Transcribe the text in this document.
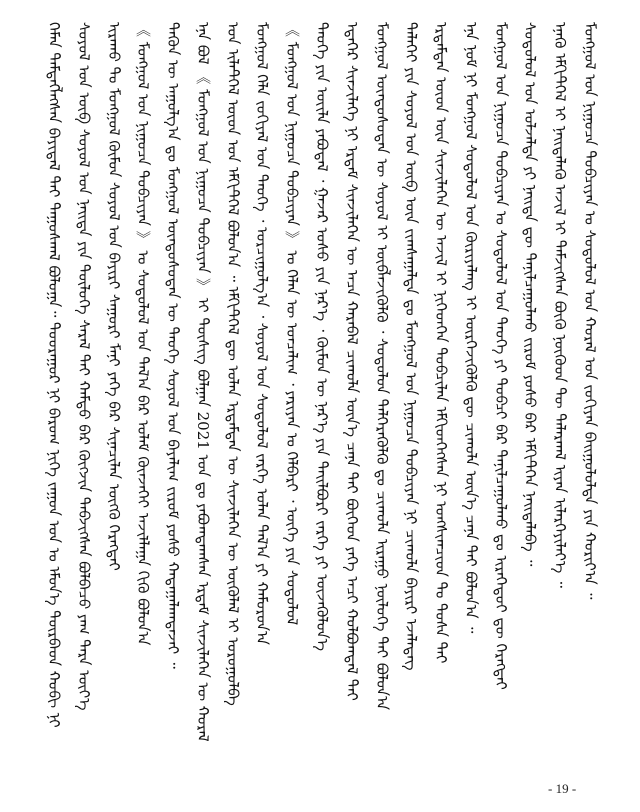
ᠬᠡᠮᠡᠨ ᠲᠡᠮᠳᠡᠭᠯᠡᠭᠰᠡᠨ ᠪᠠᠶᠢᠳᠠᠯ ᠲᠠᠢ ᠳᠠᠭᠤᠰᠬᠠᠯ ᠪᠣᠯᠤᠭᠠ᠃ ᠳᠤᠤᠷᠠᠭᠤᠷ ᠨᠢ ᠪᠠᠷᠤᠭ ᠨᠢᠭᠡ ᠵᠠᠭᠤᠨ ᠣᠨ ᠤ ᠡᠮᠦᠨ᠎ᠡ ᠳᠦᠷᠪᠡᠳ ᠬᠤᠪᠢ ᠨᠢ ᠰᠣᠶᠣᠯ ᠤᠨ ᠥᠪ ᠰᠣᠶᠣᠯ ᠤᠨ ᠨᠡᠢᠲᠡ ᠶᠢᠨ ᠲᠥᠯᠦᠭᠡ ᠰᠡᠷᠡᠯ ᠲᠡᠢ ᠬᠠᠮᠲᠤ ᠪᠡᠷ ᠬᠥᠭᠵᠢᠨ ᠳᠡᠪᠵᠢᠭᠰᠡᠨ ᠪᠣᠯᠪᠠᠴᠤ ᠶᠠᠭ ᠲᠡᠷᠡ ᠦᠶ᠎ᠡ ᠢᠷᠠᠬᠤ ᠲᠤ ᠮᠣᠩᠭᠤᠯ ᠬᠦᠮᠦᠨ ᠰᠣᠶᠣᠯ ᠤᠨ ᠪᠠᠶᠢᠷᠢ ᠰᠠᠭᠤᠷᠢ ᠮᠠᠨᠢ ᠶᠡᠬᠡ ᠪᠠᠷ ᠰᠢᠨᠡᠴᠢᠯᠡᠨ ᠦᠭᠬᠦ ᠬᠡᠷᠡᠭᠲᠡᠢ 《 ᠮᠣᠩᠭᠤᠯ ᠤᠨ ᠨᠢᠭᠤᠴᠠ ᠲᠣᠪᠴᠢᠶᠠᠨ 》 ᠤ ᠰᠤᠳᠤᠯᠤᠯ ᠤᠨ ᠲᠠᠯ᠎ᠠ ᠪᠠᠷ ᠤᠯᠠᠮ ᠭᠦᠨᠵᠡᠭᠡᠢ ᠠᠵᠢᠯᠯᠠᠭᠠ ᠬᠢᠬᠦ ᠪᠣᠯᠤᠨ᠎ᠠ ᠲᠡᠭᠦᠨ ᠦ ᠠᠭᠤᠯᠭ᠎ᠠ ᠳᠤ ᠮᠣᠩᠭᠤᠯ ᠦᠨᠳᠦᠰᠦᠲᠡᠨ ᠦ ᠲᠡᠦᠬᠡ ᠰᠣᠶᠣᠯ ᠤᠨ ᠪᠠᠶᠠᠯᠢᠭ ᠵᠢᠷᠤᠮ ᠶᠣᠰᠤ ᠬᠠᠳᠠᠭᠠᠯᠠᠭᠳᠠᠵᠠᠢ ᠃ ᠡᠨᠡ ᠪᠣᠯ 《 ᠮᠣᠩᠭᠤᠯ ᠤᠨ ᠨᠢᠭᠤᠴᠠ ᠲᠣᠪᠴᠢᠶᠠᠨ 》 ᠢ ᠲᠦᠰᠢᠭ ᠪᠣᠯᠭᠠᠨ 2021 ᠣᠨ ᠳᠤ ᠶᠠᠪᠤᠭᠳᠠᠭᠰᠠᠨ ᠡᠷᠳᠡᠮ ᠰᠢᠨᠵᠢᠯᠡᠭᠡᠨ ᠦ ᠬᠤᠷᠠᠯ ᠤᠨ ᠢᠯᠡᠲᠭᠡᠯ ᠦᠳ ᠤᠨ ᠡᠮᠬᠢᠲᠬᠡᠯ ᠪᠣᠯᠤᠨ᠎ᠠ ᠃ ᠡᠮᠬᠢᠲᠬᠡᠯ ᠳᠦ ᠣᠯᠠᠨ ᠡᠷᠳᠡᠮᠲᠡᠨ ᠦ ᠰᠢᠨᠵᠢᠯᠡᠭᠡᠨ ᠦ ᠥᠭᠦᠯᠡᠯ ᠢ ᠣᠷᠣᠭᠤᠯᠪᠠ ᠮᠣᠩᠭᠤᠯ ᠬᠡᠯᠡ ᠵᠣᠬᠢᠶᠠᠯ ᠤᠨ ᠲᠡᠦᠬᠡ ᠂ ᠣᠷᠴᠢᠭᠤᠯᠭ᠎ᠠ ᠂ ᠰᠣᠶᠣᠯ ᠤᠨ ᠰᠤᠳᠤᠯᠤᠯ ᠵᠡᠷᠭᠡ ᠣᠯᠠᠨ ᠲᠠᠯ᠎ᠠ ᠶᠢ ᠬᠠᠮᠤᠷᠤᠨ᠎ᠠ 《 ᠮᠣᠩᠭᠤᠯ ᠤᠨ ᠨᠢᠭᠤᠴᠠ ᠲᠣᠪᠴᠢᠶᠠᠨ 》 ᠤ ᠬᠡᠯᠡᠨ ᠦ ᠣᠨᠴᠠᠯᠢᠭ ᠂ ᠶᠠᠷᠢᠶᠠᠨ ᠤ ᠬᠡᠯᠪᠡᠷᠢ ᠂ ᠦᠭᠡ ᠶᠢᠨ ᠰᠤᠳᠤᠯᠤᠯ ᠲᠡᠦᠬᠡ ᠶᠢᠨ ᠦᠢᠯᠡ ᠶᠠᠪᠤᠳᠠᠯ ᠂ ᠭᠠᠵᠠᠷ ᠤᠰᠤ ᠶᠢᠨ ᠨᠡᠷ᠎ᠡ ᠂ ᠬᠦᠮᠦᠨ ᠦ ᠨᠡᠷ᠎ᠡ ᠶᠢᠨ ᠲᠠᠢᠯᠪᠤᠷᠢ ᠵᠡᠷᠭᠡ ᠶᠢ ᠦᠵᠡᠭᠦᠯᠦᠨ᠎ᠡ ᠡᠳᠡᠭᠡᠷ ᠰᠢᠨᠵᠢᠯᠡᠭᠡ ᠨᠢ ᠡᠷᠳᠡᠮ ᠰᠢᠨᠵᠢᠯᠡᠭᠡᠨ ᠦ ᠠᠴᠠ ᠬᠠᠷᠠᠪᠠᠯ ᠴᠢᠬᠤᠯᠠ ᠦᠨ᠎ᠡ ᠴᠡᠨᠡ ᠲᠡᠢ ᠪᠥᠭᠡᠳ ᠶᠡᠬᠡ ᠠᠴᠢ ᠬᠣᠯᠪᠣᠭᠳᠠᠯ ᠲᠠᠢ ᠮᠣᠩᠭᠤᠯ ᠦᠨᠳᠦᠰᠦᠲᠡᠨ ᠦ ᠰᠣᠶᠣᠯ ᠢ ᠦᠪᠯᠡᠵᠢᠭᠦᠯᠬᠦ ᠂ ᠰᠤᠳᠤᠯᠤᠨ ᠳᠡᠯᠭᠡᠷᠡᠭᠦᠯᠬᠦ ᠳᠤ ᠴᠢᠬᠤᠯᠠ ᠢᠷᠠᠭᠤ ᠨᠥᠯᠦᠭᠡ ᠲᠡᠢ ᠪᠣᠯᠤᠨ᠎ᠠ ᠳᠡᠯᠡᠬᠡᠢ ᠶᠢᠨ ᠰᠣᠶᠣᠯ ᠤᠨ ᠥᠪ ᠦᠨ ᠵᠢᠭᠰᠠᠭᠠᠯᠲᠠ ᠳᠤ ᠮᠣᠩᠭᠤᠯ ᠤᠨ ᠨᠢᠭᠤᠴᠠ ᠲᠣᠪᠴᠢᠶᠠᠨ ᠨᠢ ᠴᠢᠬᠤᠯᠠ ᠪᠠᠶᠢᠷᠢ ᠡᠵᠡᠯᠡᠳᠡᠭ ᠡᠷᠳᠡᠮᠲᠡᠨ ᠦᠳ ᠦᠨ ᠰᠢᠨᠵᠢᠯᠡᠭᠡᠨ ᠦ ᠠᠵᠢᠯ ᠢ ᠨᠢᠭᠡᠳᠬᠡᠨ ᠲᠣᠪᠴᠢᠯᠠᠨ ᠡᠮᠬᠢᠳᠬᠡᠭᠰᠡᠨ ᠨᠢ ᠤᠩᠰᠢᠭᠴᠢᠳ ᠲᠤ ᠲᠤᠰᠠ ᠲᠠᠢ ᠡᠨᠡ ᠨᠣᠮ ᠨᠢ ᠮᠣᠩᠭᠤᠯ ᠰᠤᠳᠤᠯᠤᠯ ᠤᠨ ᠬᠦᠷᠢᠶᠡᠯᠡᠩ ᠢ ᠥᠷᠭᠡᠵᠢᠭᠦᠯᠬᠦ ᠳᠦ ᠴᠢᠬᠤᠯᠠ ᠦᠨ᠎ᠡ ᠴᠡᠨᠡ ᠲᠠᠢ ᠪᠣᠯᠤᠨ᠎ᠠ ᠃ ᠮᠣᠩᠭᠤᠯ ᠤᠨ ᠨᠢᠭᠤᠴᠠ ᠲᠣᠪᠴᠢᠶᠠᠨ ᠤ ᠰᠤᠳᠤᠯᠤᠯ ᠤᠨ ᠲᠡᠦᠬᠡ ᠶᠢ ᠲᠣᠪᠴᠢ ᠪᠠᠷ ᠲᠠᠨᠢᠯᠴᠠᠭᠤᠯᠬᠤ ᠳᠤ ᠢᠷᠡᠭᠡᠳᠦᠢ ᠳᠦ ᠬᠡᠷᠡᠭᠲᠡᠢ ᠰᠤᠳᠤᠯᠤᠯ ᠤᠨ ᠣᠯᠵᠠᠯᠲᠠ ᠶᠢ ᠨᠡᠢᠲᠡ ᠳᠦ ᠲᠠᠨᠢᠯᠴᠠᠭᠤᠯᠬᠤ ᠵᠢᠷᠤᠮ ᠶᠣᠰᠤ ᠪᠠᠷ ᠡᠮᠬᠢᠲᠬᠡᠨ ᠨᠡᠢᠲᠡᠯᠡᠪᠡ ᠃ ᠡᠨᠡᠬᠦ ᠡᠮᠬᠢᠲᠬᠡᠯ ᠢ ᠨᠡᠢᠲᠡᠯᠡᠬᠦ ᠠᠵᠢᠯ ᠢ ᠳᠡᠮᠵᠢᠭᠰᠡᠨ ᠪᠦᠬᠦ ᠨᠥᠬᠥᠳ ᠲᠦ ᠲᠠᠯᠠᠷᠬᠠᠯ ᠢᠶᠡᠨ ᠢᠯᠡᠷᠬᠡᠶᠢᠯᠡᠶ᠎ᠡ ᠃ ᠮᠣᠩᠭᠤᠯ ᠤᠨ ᠨᠢᠭᠤᠴᠠ ᠲᠣᠪᠴᠢᠶᠠᠨ ᠤ ᠰᠤᠳᠤᠯᠤᠯ ᠤᠨ ᠬᠤᠷᠠᠯ ᠤᠨ ᠵᠣᠬᠢᠶᠠᠨ ᠪᠠᠢᠭᠤᠯᠤᠯᠲᠠ ᠶᠢᠨ ᠬᠣᠷᠢᠶ᠎ᠠ ᠃
- 19 -
